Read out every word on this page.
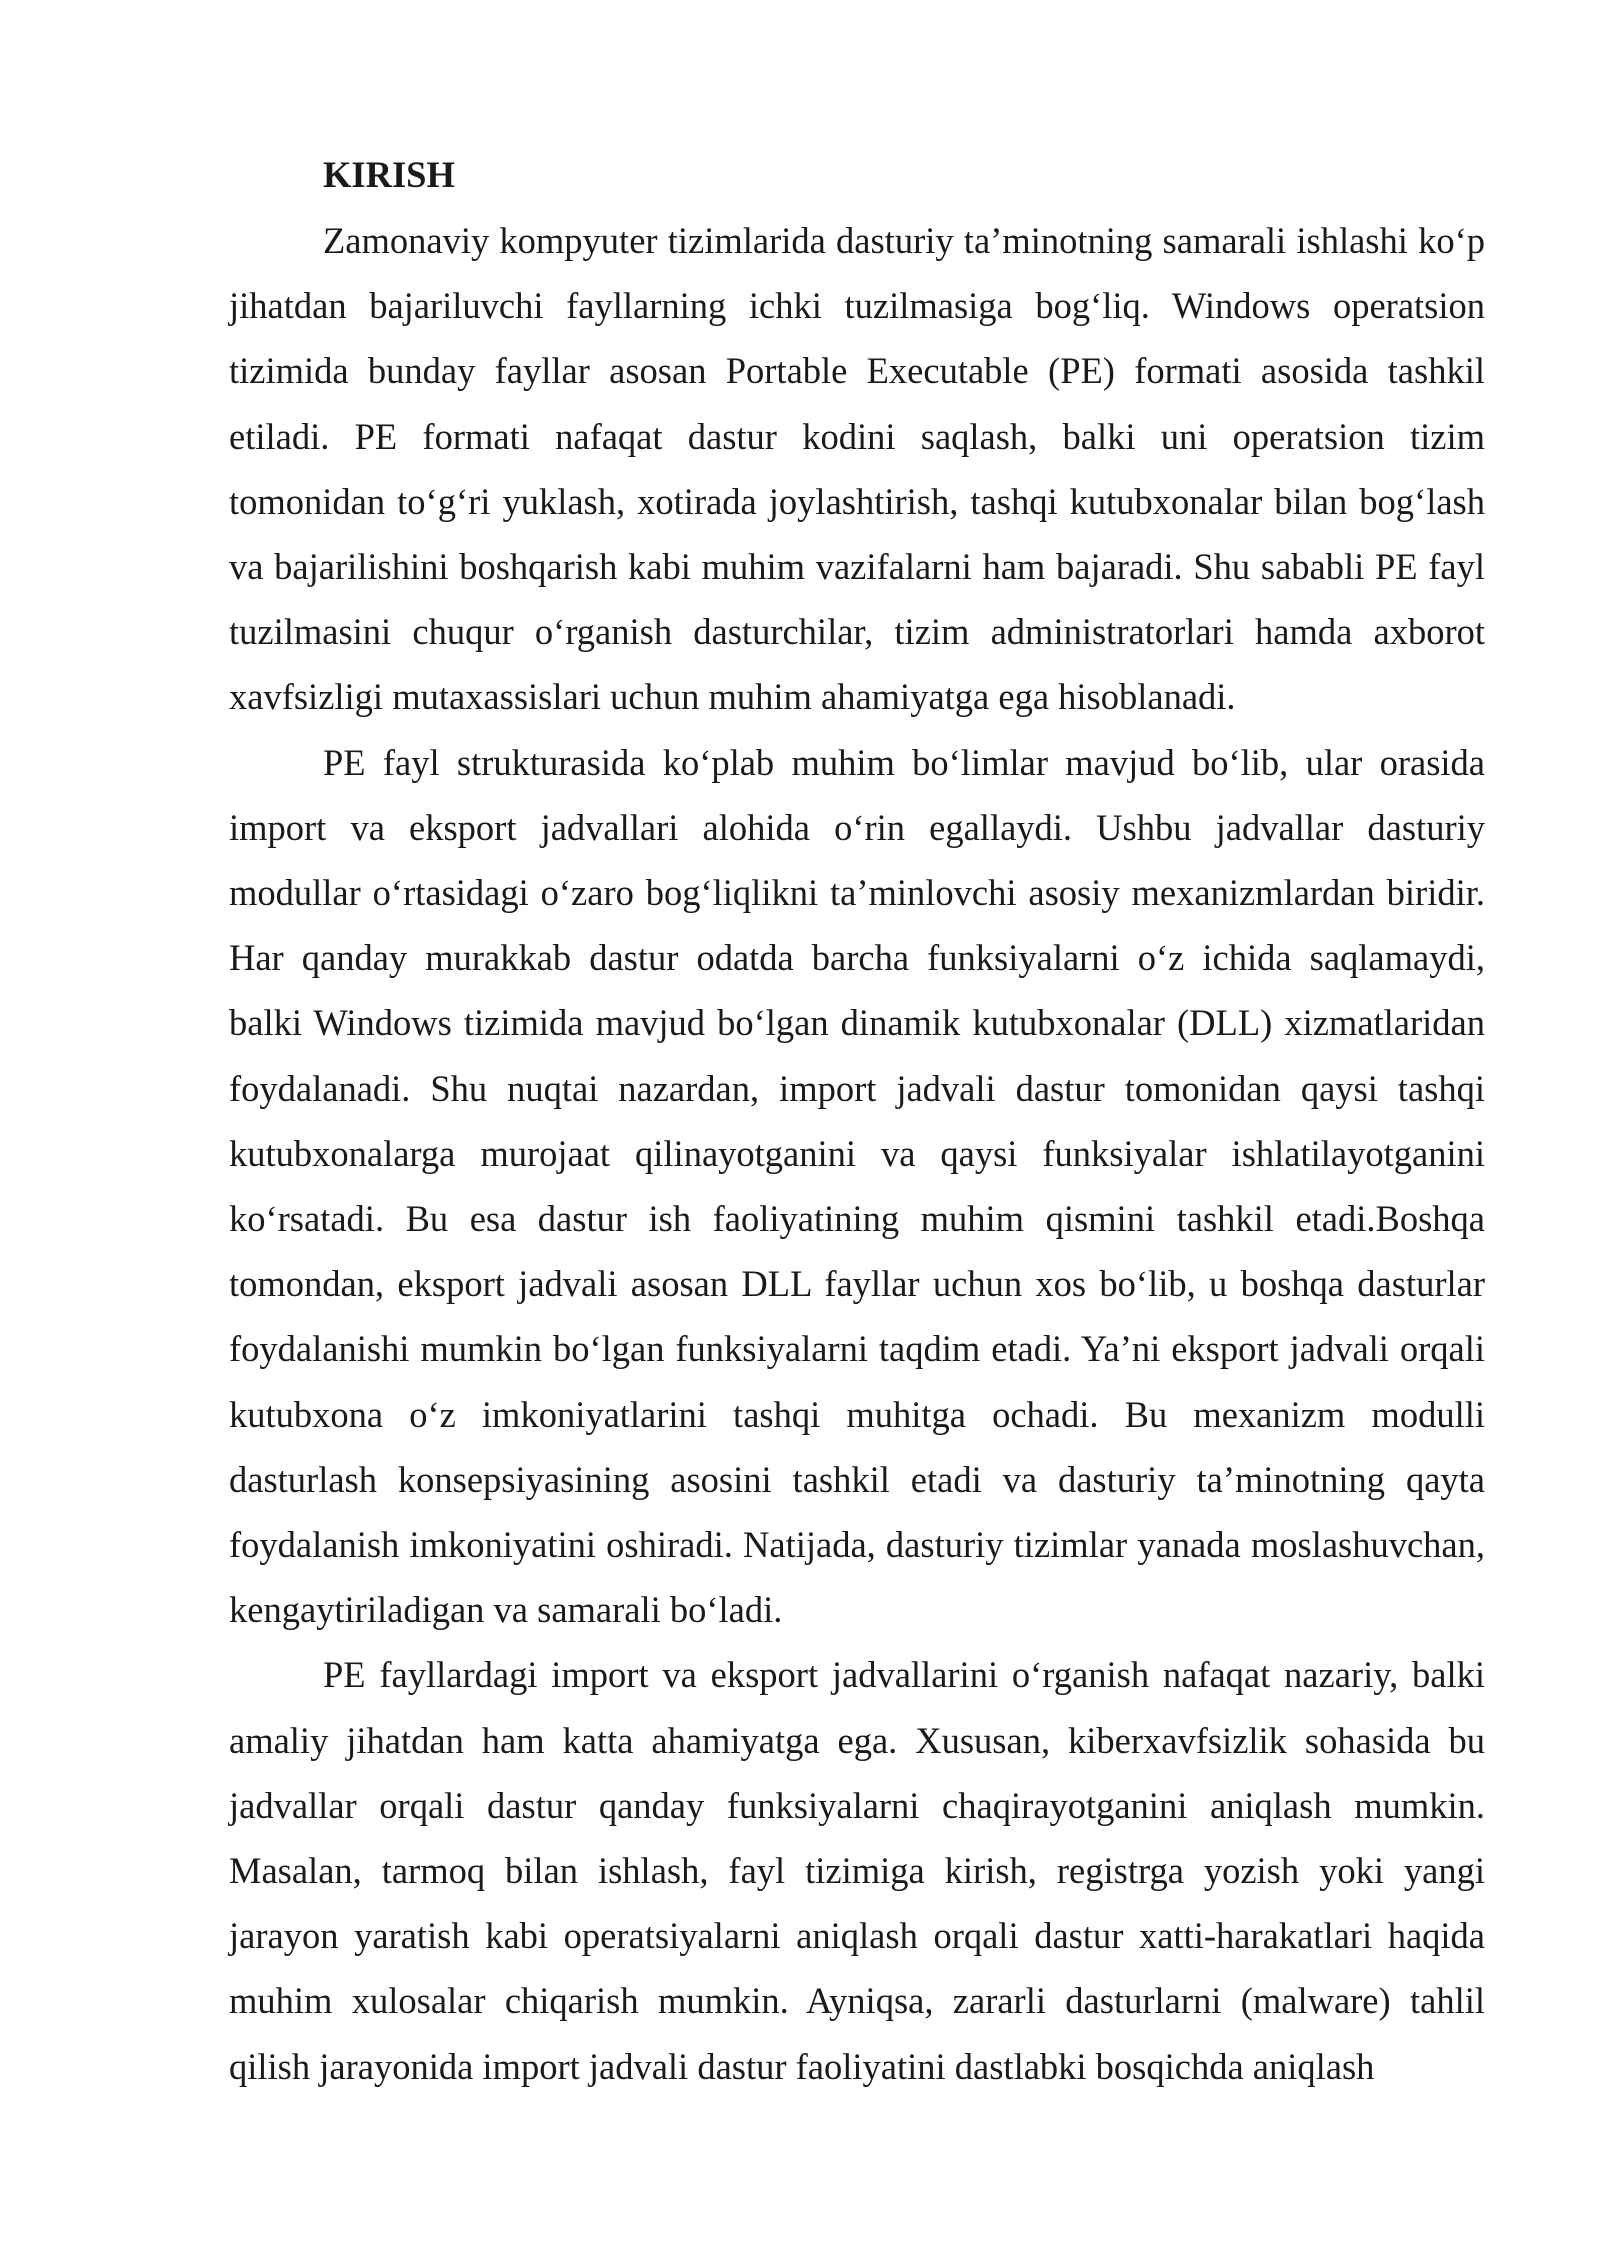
KIRISH

Zamonaviy kompyuter tizimlarida dasturiy ta’minotning samarali ishlashi ko‘p jihatdan bajariluvchi fayllarning ichki tuzilmasiga bog‘liq. Windows operatsion tizimida bunday fayllar asosan Portable Executable (PE) formati asosida tashkil etiladi. PE formati nafaqat dastur kodini saqlash, balki uni operatsion tizim tomonidan to‘g‘ri yuklash, xotirada joylashtirish, tashqi kutubxonalar bilan bog‘lash va bajarilishini boshqarish kabi muhim vazifalarni ham bajaradi. Shu sababli PE fayl tuzilmasini chuqur o‘rganish dasturchilar, tizim administratorlari hamda axborot xavfsizligi mutaxassislari uchun muhim ahamiyatga ega hisoblanadi.

PE fayl strukturasida ko‘plab muhim bo‘limlar mavjud bo‘lib, ular orasida import va eksport jadvallari alohida o‘rin egallaydi. Ushbu jadvallar dasturiy modullar o‘rtasidagi o‘zaro bog‘liqlikni ta’minlovchi asosiy mexanizmlardan biridir. Har qanday murakkab dastur odatda barcha funksiyalarni o‘z ichida saqlamaydi, balki Windows tizimida mavjud bo‘lgan dinamik kutubxonalar (DLL) xizmatlaridan foydalanadi. Shu nuqtai nazardan, import jadvali dastur tomonidan qaysi tashqi kutubxonalarga murojaat qilinayotganini va qaysi funksiyalar ishlatilayotganini ko‘rsatadi. Bu esa dastur ish faoliyatining muhim qismini tashkil etadi.Boshqa tomondan, eksport jadvali asosan DLL fayllar uchun xos bo‘lib, u boshqa dasturlar foydalanishi mumkin bo‘lgan funksiyalarni taqdim etadi. Ya’ni eksport jadvali orqali kutubxona o‘z imkoniyatlarini tashqi muhitga ochadi. Bu mexanizm modulli dasturlash konsepsiyasining asosini tashkil etadi va dasturiy ta’minotning qayta foydalanish imkoniyatini oshiradi. Natijada, dasturiy tizimlar yanada moslashuvchan, kengaytiriladigan va samarali bo‘ladi.

PE fayllardagi import va eksport jadvallarini o‘rganish nafaqat nazariy, balki amaliy jihatdan ham katta ahamiyatga ega. Xususan, kiberxavfsizlik sohasida bu jadvallar orqali dastur qanday funksiyalarni chaqirayotganini aniqlash mumkin. Masalan, tarmoq bilan ishlash, fayl tizimiga kirish, registrga yozish yoki yangi jarayon yaratish kabi operatsiyalarni aniqlash orqali dastur xatti-harakatlari haqida muhim xulosalar chiqarish mumkin. Ayniqsa, zararli dasturlarni (malware) tahlil qilish jarayonida import jadvali dastur faoliyatini dastlabki bosqichda aniqlash
